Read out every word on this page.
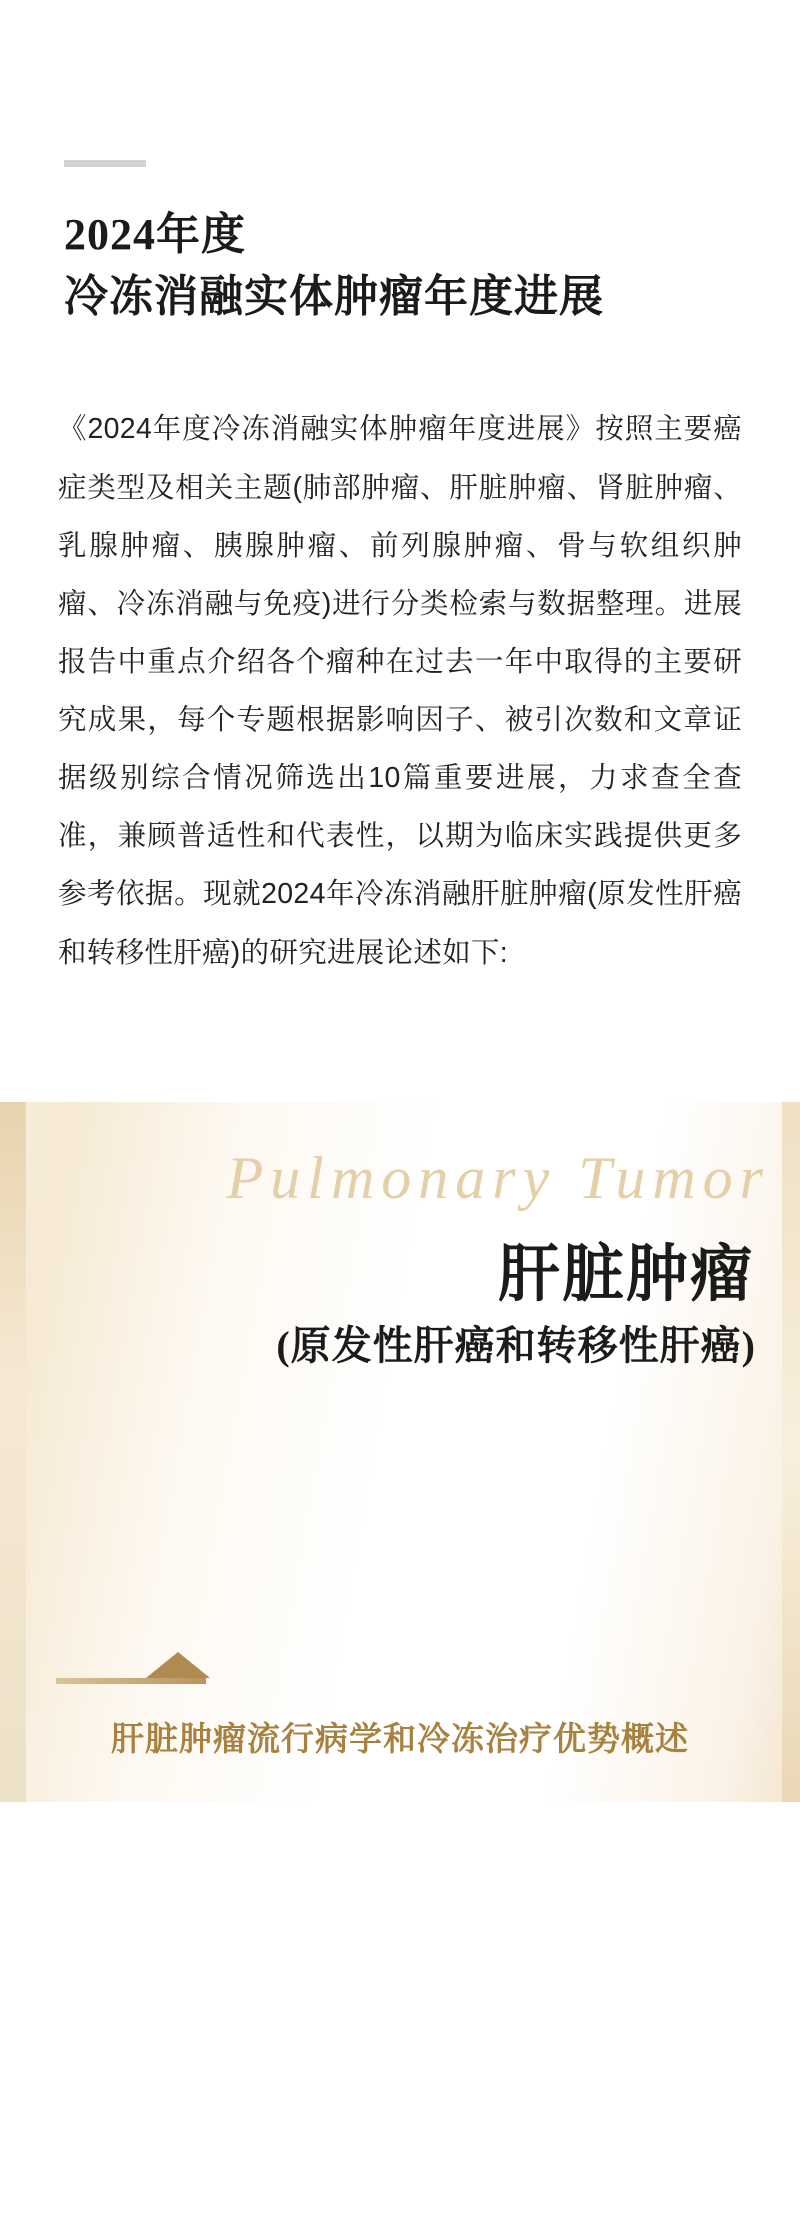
2024年度
冷冻消融实体肿瘤年度进展
《2024年度冷冻消融实体肿瘤年度进展》按照主要癌症类型及相关主题(肺部肿瘤、肝脏肿瘤、肾脏肿瘤、乳腺肿瘤、胰腺肿瘤、前列腺肿瘤、骨与软组织肿瘤、冷冻消融与免疫)进行分类检索与数据整理。进展报告中重点介绍各个瘤种在过去一年中取得的主要研究成果，每个专题根据影响因子、被引次数和文章证据级别综合情况筛选出10篇重要进展，力求查全查准，兼顾普适性和代表性，以期为临床实践提供更多参考依据。现就2024年冷冻消融肝脏肿瘤(原发性肝癌和转移性肝癌)的研究进展论述如下:
Pulmonary Tumor
肝脏肿瘤
(原发性肝癌和转移性肝癌)
肝脏肿瘤流行病学和冷冻治疗优势概述
